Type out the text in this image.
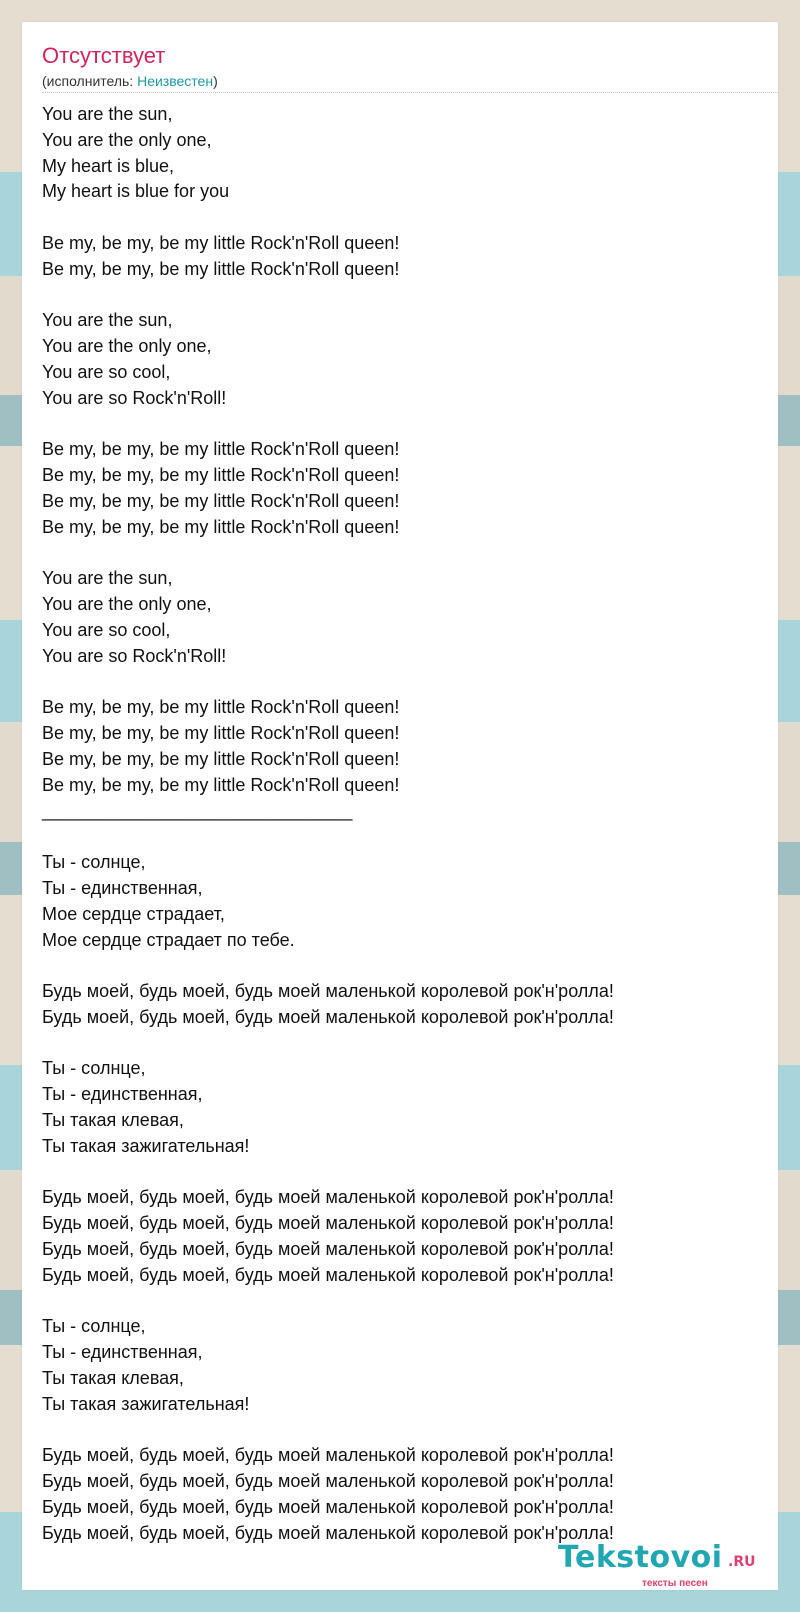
Отсутствует
(исполнитель: Неизвестен)
You are the sun,
You are the only one,
My heart is blue,
My heart is blue for you
Be my, be my, be my little Rock'n'Roll queen!
Be my, be my, be my little Rock'n'Roll queen!
You are the sun,
You are the only one,
You are so cool,
You are so Rock'n'Roll!
Be my, be my, be my little Rock'n'Roll queen!
Be my, be my, be my little Rock'n'Roll queen!
Be my, be my, be my little Rock'n'Roll queen!
Be my, be my, be my little Rock'n'Roll queen!
You are the sun,
You are the only one,
You are so cool,
You are so Rock'n'Roll!
Be my, be my, be my little Rock'n'Roll queen!
Be my, be my, be my little Rock'n'Roll queen!
Be my, be my, be my little Rock'n'Roll queen!
Be my, be my, be my little Rock'n'Roll queen!
_______________________________
Ты - солнце,
Ты - единственная,
Мое сердце страдает,
Мое сердце страдает по тебе.
Будь моей, будь моей, будь моей маленькой королевой рок'н'ролла!
Будь моей, будь моей, будь моей маленькой королевой рок'н'ролла!
Ты - солнце,
Ты - единственная,
Ты такая клевая,
Ты такая зажигательная!
Будь моей, будь моей, будь моей маленькой королевой рок'н'ролла!
Будь моей, будь моей, будь моей маленькой королевой рок'н'ролла!
Будь моей, будь моей, будь моей маленькой королевой рок'н'ролла!
Будь моей, будь моей, будь моей маленькой королевой рок'н'ролла!
Ты - солнце,
Ты - единственная,
Ты такая клевая,
Ты такая зажигательная!
Будь моей, будь моей, будь моей маленькой королевой рок'н'ролла!
Будь моей, будь моей, будь моей маленькой королевой рок'н'ролла!
Будь моей, будь моей, будь моей маленькой королевой рок'н'ролла!
Будь моей, будь моей, будь моей маленькой королевой рок'н'ролла!
Tekstovoi .RU
тексты песен
